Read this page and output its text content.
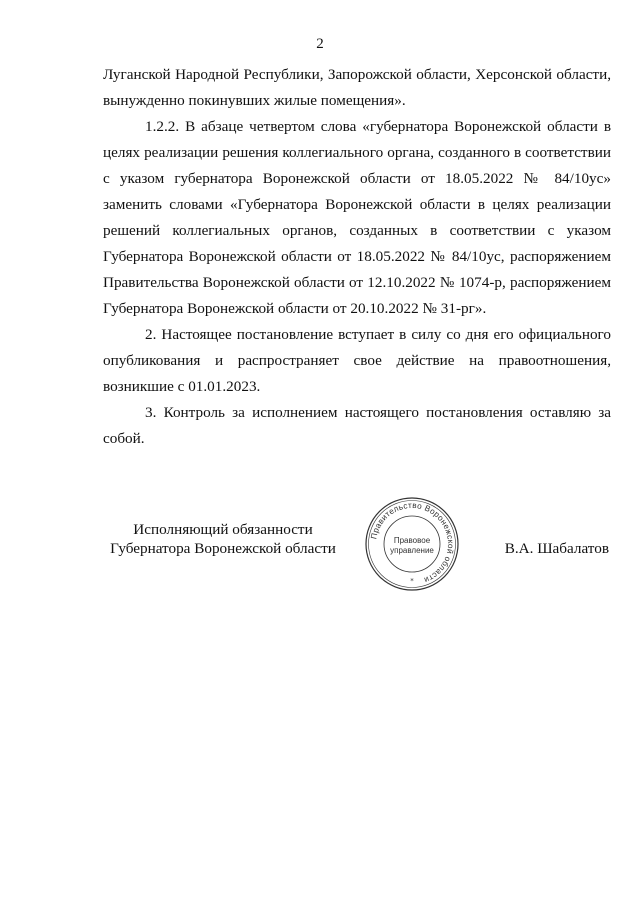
2

Луганской Народной Республики, Запорожской области, Херсонской области, вынужденно покинувших жилые помещения».

1.2.2. В абзаце четвертом слова «губернатора Воронежской области в целях реализации решения коллегиального органа, созданного в соответствии с указом губернатора Воронежской области от 18.05.2022 № 84/10ус» заменить словами «Губернатора Воронежской области в целях реализации решений коллегиальных органов, созданных в соответствии с указом Губернатора Воронежской области от 18.05.2022 № 84/10ус, распоряжением Правительства Воронежской области от 12.10.2022 № 1074-р, распоряжением Губернатора Воронежской области от 20.10.2022 № 31-рг».

2. Настоящее постановление вступает в силу со дня его официального опубликования и распространяет свое действие на правоотношения, возникшие с 01.01.2023.

3. Контроль за исполнением настоящего постановления оставляю за собой.

Исполняющий обязанности
Губернатора Воронежской области
Правительство Воронежской области
*
Правовое
управление	В.А. Шабалатов
